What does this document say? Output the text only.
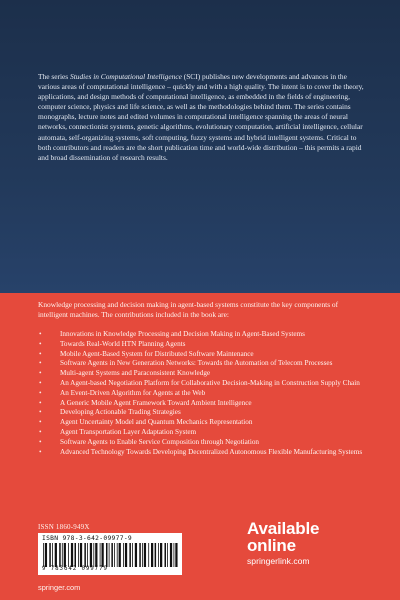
The series Studies in Computational Intelligence (SCI) publishes new developments and advances in the various areas of computational intelligence – quickly and with a high quality. The intent is to cover the theory, applications, and design methods of computational intelligence, as embedded in the fields of engineering, computer science, physics and life science, as well as the methodologies behind them. The series contains monographs, lecture notes and edited volumes in computational intelligence spanning the areas of neural networks, connectionist systems, genetic algorithms, evolutionary computation, artificial intelligence, cellular automata, self-organizing systems, soft computing, fuzzy systems and hybrid intelligent systems. Critical to both contributors and readers are the short publication time and world-wide distribution – this permits a rapid and broad dissemination of research results.

Knowledge processing and decision making in agent-based systems constitute the key components of intelligent machines. The contributions included in the book are:

•	Innovations in Knowledge Processing and Decision Making in Agent-Based Systems
•	Towards Real-World HTN Planning Agents
•	Mobile Agent-Based System for Distributed Software Maintenance
•	Software Agents in New Generation Networks: Towards the Automation of Telecom Processes
•	Multi-agent Systems and Paraconsistent Knowledge
•	An Agent-based Negotiation Platform for Collaborative Decision-Making in Construction Supply Chain
•	An Event-Driven Algorithm for Agents at the Web
•	A Generic Mobile Agent Framework Toward Ambient Intelligence
•	Developing Actionable Trading Strategies
•	Agent Uncertainty Model and Quantum Mechanics Representation
•	Agent Transportation Layer Adaptation System
•	Software Agents to Enable Service Composition through Negotiation
•	Advanced Technology Towards Developing Decentralized Autonomous Flexible Manufacturing Systems
ISSN 1860-949X
ISBN 978-3-642-09977-9
9 783642 099779
Available
online
springerlink.com
springer.com
